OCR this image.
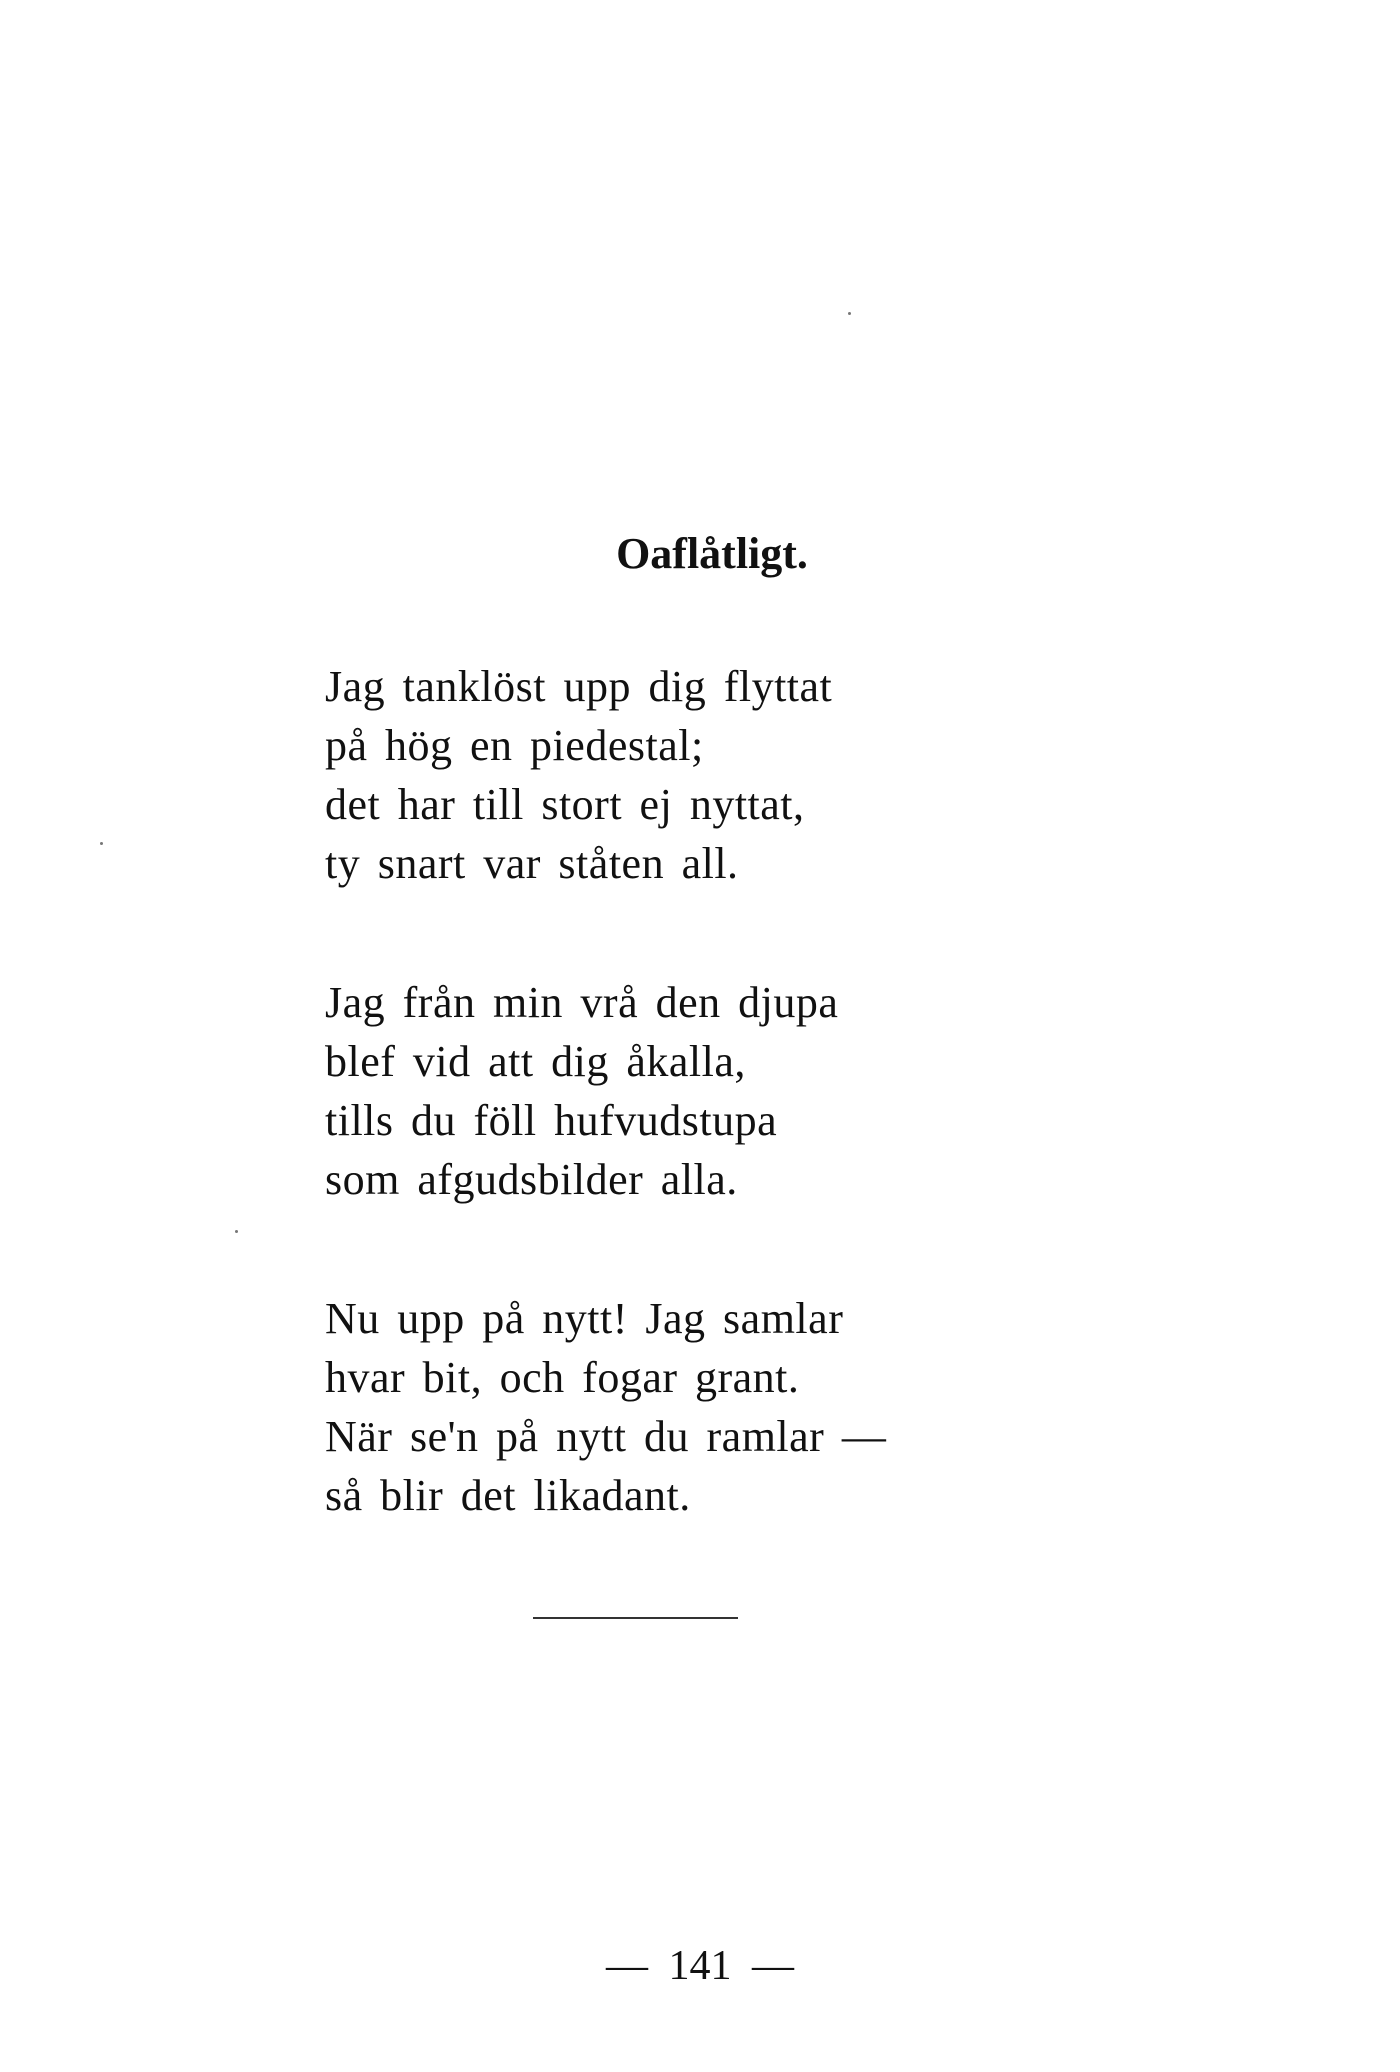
Oaflåtligt.
Jag tanklöst upp dig flyttat
på hög en piedestal;
det har till stort ej nyttat,
ty snart var ståten all.
Jag från min vrå den djupa
blef vid att dig åkalla,
tills du föll hufvudstupa
som afgudsbilder alla.
Nu upp på nytt! Jag samlar
hvar bit, och fogar grant.
När se'n på nytt du ramlar —
så blir det likadant.
— 141 —
